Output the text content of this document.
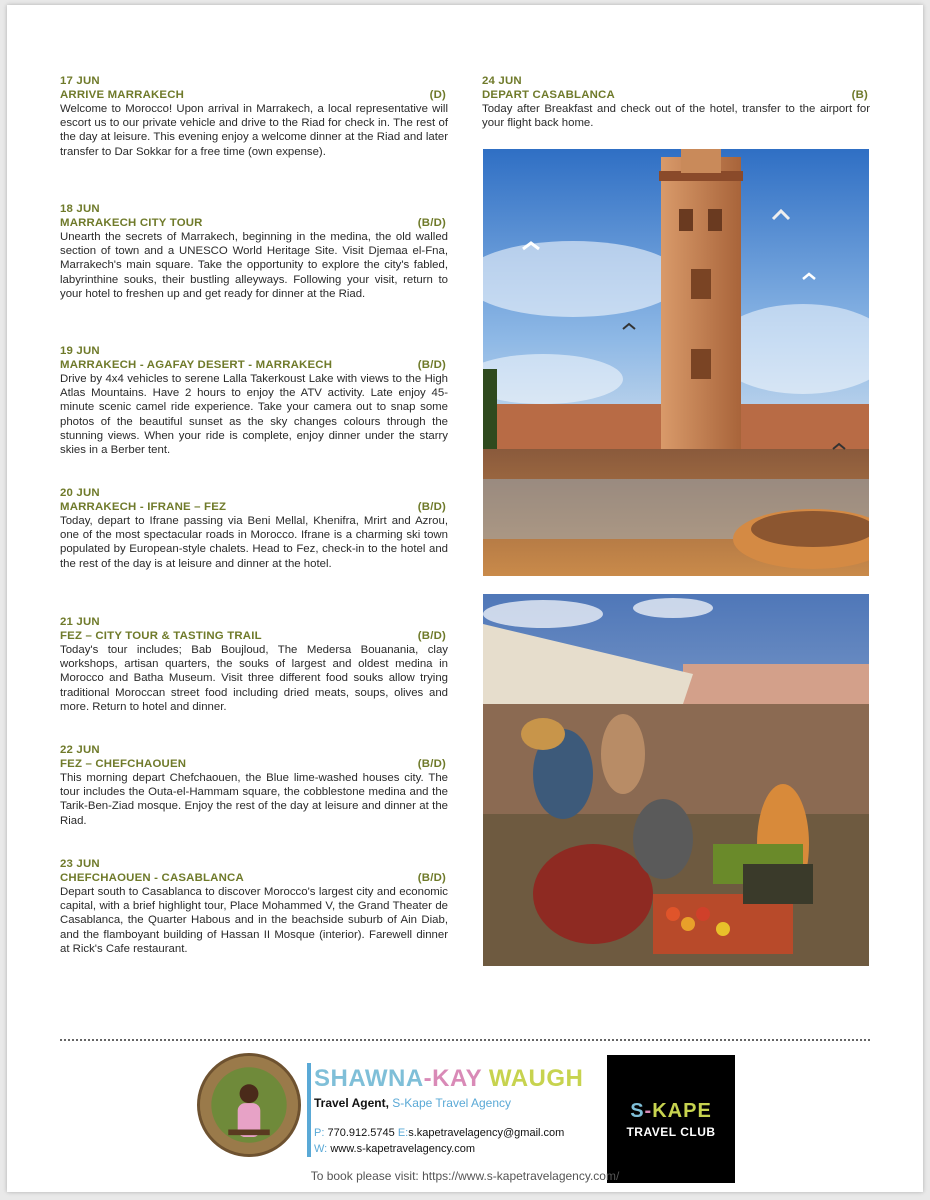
17 JUN
ARRIVE MARRAKECH	(D)
Welcome to Morocco! Upon arrival in Marrakech, a local representative will escort us to our private vehicle and drive to the Riad for check in. The rest of the day at leisure. This evening enjoy a welcome dinner at the Riad and later transfer to Dar Sokkar for a free time (own expense).
18 JUN
MARRAKECH CITY TOUR	(B/D)
Unearth the secrets of Marrakech, beginning in the medina, the old walled section of town and a UNESCO World Heritage Site. Visit Djemaa el-Fna, Marrakech's main square. Take the opportunity to explore the city's fabled, labyrinthine souks, their bustling alleyways. Following your visit, return to your hotel to freshen up and get ready for dinner at the Riad.
19 JUN
MARRAKECH - AGAFAY DESERT - MARRAKECH	(B/D)
Drive by 4x4 vehicles to serene Lalla Takerkoust Lake with views to the High Atlas Mountains. Have 2 hours to enjoy the ATV activity. Late enjoy 45-minute scenic camel ride experience. Take your camera out to snap some photos of the beautiful sunset as the sky changes colours through the stunning views. When your ride is complete, enjoy dinner under the starry skies in a Berber tent.
20 JUN
MARRAKECH - IFRANE – FEZ	(B/D)
Today, depart to Ifrane passing via Beni Mellal, Khenifra, Mrirt and Azrou, one of the most spectacular roads in Morocco. Ifrane is a charming ski town populated by European-style chalets. Head to Fez, check-in to the hotel and the rest of the day is at leisure and dinner at the hotel.
21 JUN
FEZ – CITY TOUR & TASTING TRAIL	(B/D)
Today's tour includes; Bab Boujloud, The Medersa Bouanania, clay workshops, artisan quarters, the souks of largest and oldest medina in Morocco and Batha Museum. Visit three different food souks allow trying traditional Moroccan street food including dried meats, soups, olives and more. Return to hotel and dinner.
22 JUN
FEZ – CHEFCHAOUEN	(B/D)
This morning depart Chefchaouen, the Blue lime-washed houses city. The tour includes the Outa-el-Hammam square, the cobblestone medina and the Tarik-Ben-Ziad mosque. Enjoy the rest of the day at leisure and dinner at the Riad.
23 JUN
CHEFCHAOUEN - CASABLANCA	(B/D)
Depart south to Casablanca to discover Morocco's largest city and economic capital, with a brief highlight tour, Place Mohammed V, the Grand Theater de Casablanca, the Quarter Habous and in the beachside suburb of Ain Diab, and the flamboyant building of Hassan II Mosque (interior). Farewell dinner at Rick's Cafe restaurant.
24 JUN
DEPART CASABLANCA	(B)
Today after Breakfast and check out of the hotel, transfer to the airport for your flight back home.
SHAWNA-KAY WAUGH
Travel Agent, S-Kape Travel Agency
P: 770.912.5745 E:s.kapetravelagency@gmail.com
W: www.s-kapetravelagency.com
S-KAPE
TRAVEL CLUB
To book please visit: https://www.s-kapetravelagency.com/
